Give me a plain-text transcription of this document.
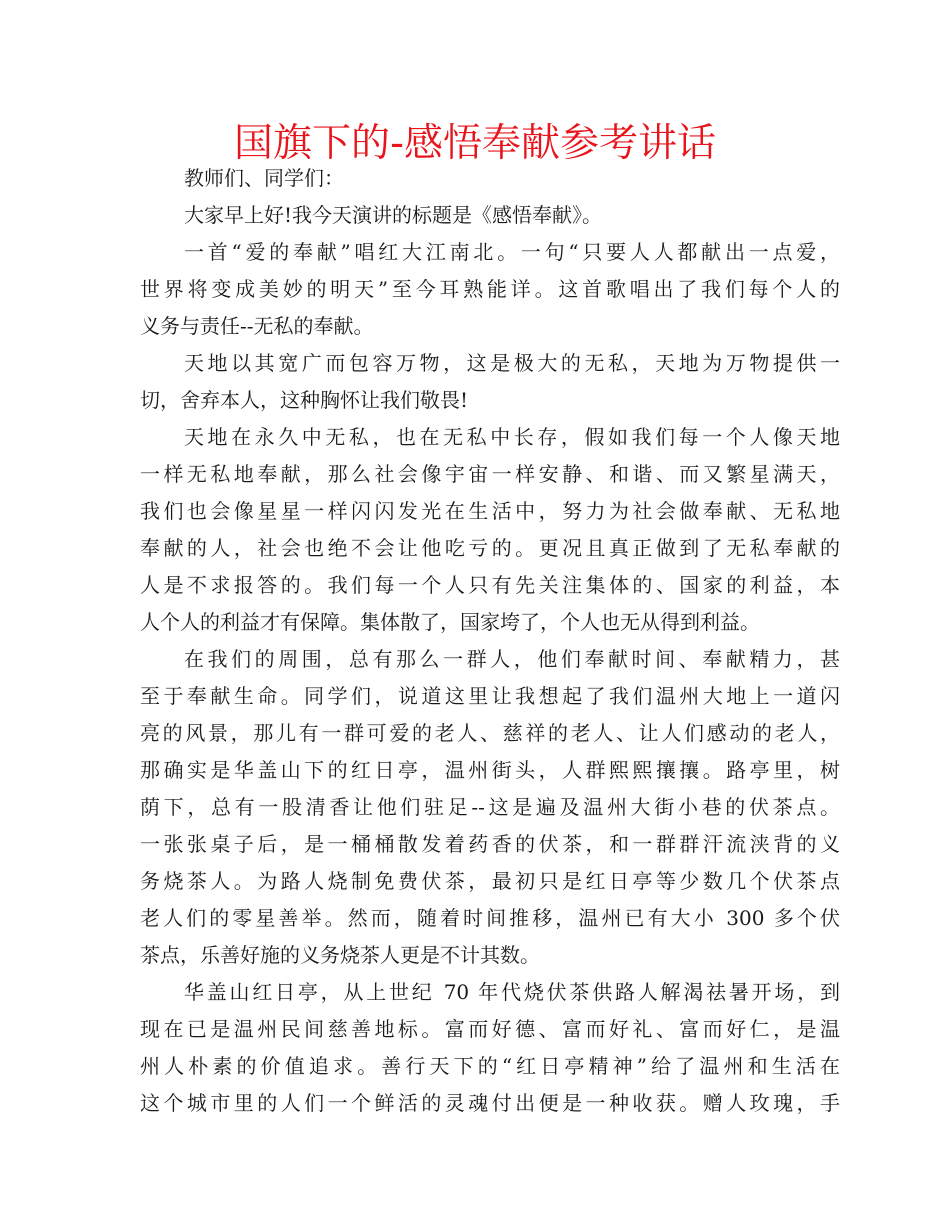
国旗下的-感悟奉献参考讲话
教师们、同学们：
大家早上好!我今天演讲的标题是《感悟奉献》。
一首“爱的奉献”唱红大江南北。一句“只要人人都献出一点爱，
世界将变成美妙的明天”至今耳熟能详。这首歌唱出了我们每个人的
义务与责任--无私的奉献。
天地以其宽广而包容万物，这是极大的无私，天地为万物提供一
切，舍弃本人，这种胸怀让我们敬畏!
天地在永久中无私，也在无私中长存，假如我们每一个人像天地
一样无私地奉献，那么社会像宇宙一样安静、和谐、而又繁星满天，
我们也会像星星一样闪闪发光在生活中，努力为社会做奉献、无私地
奉献的人，社会也绝不会让他吃亏的。更况且真正做到了无私奉献的
人是不求报答的。我们每一个人只有先关注集体的、国家的利益，本
人个人的利益才有保障。集体散了，国家垮了，个人也无从得到利益。
在我们的周围，总有那么一群人，他们奉献时间、奉献精力，甚
至于奉献生命。同学们，说道这里让我想起了我们温州大地上一道闪
亮的风景，那儿有一群可爱的老人、慈祥的老人、让人们感动的老人，
那确实是华盖山下的红日亭，温州街头，人群熙熙攘攘。路亭里，树
荫下，总有一股清香让他们驻足--这是遍及温州大街小巷的伏茶点。
一张张桌子后，是一桶桶散发着药香的伏茶，和一群群汗流浃背的义
务烧茶人。为路人烧制免费伏茶，最初只是红日亭等少数几个伏茶点
老人们的零星善举。然而，随着时间推移，温州已有大小 300 多个伏
茶点，乐善好施的义务烧茶人更是不计其数。
华盖山红日亭，从上世纪 70 年代烧伏茶供路人解渴祛暑开场，到
现在已是温州民间慈善地标。富而好德、富而好礼、富而好仁，是温
州人朴素的价值追求。善行天下的“红日亭精神”给了温州和生活在
这个城市里的人们一个鲜活的灵魂付出便是一种收获。赠人玫瑰，手
